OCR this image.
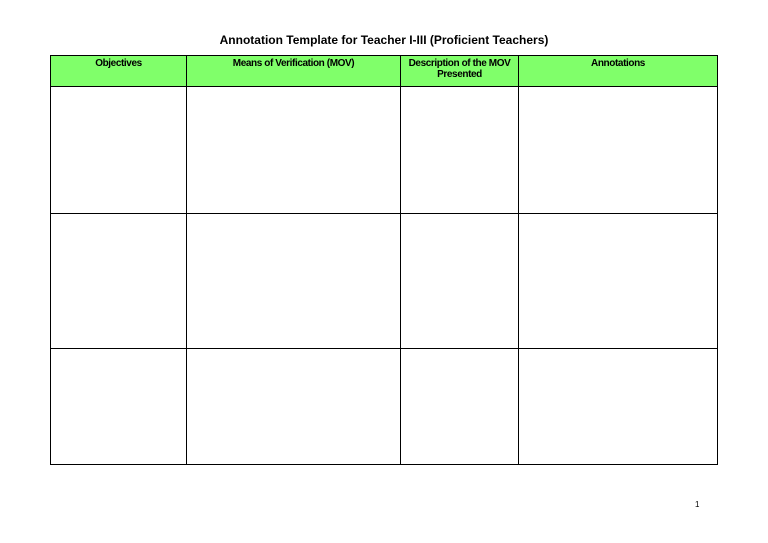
Annotation Template for Teacher I-III (Proficient Teachers)
Objectives	Means of Verification (MOV)	Description of the MOV Presented	Annotations

1
